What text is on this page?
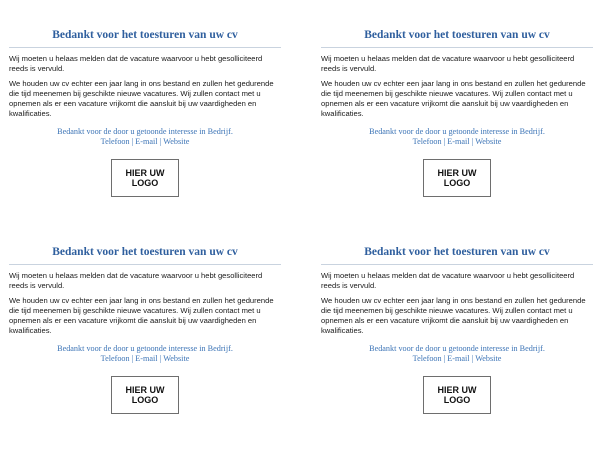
Bedankt voor het toesturen van uw cv

Wij moeten u helaas melden dat de vacature waarvoor u hebt gesolliciteerd reeds is vervuld.

We houden uw cv echter een jaar lang in ons bestand en zullen het gedurende die tijd meenemen bij geschikte nieuwe vacatures. Wij zullen contact met u opnemen als er een vacature vrijkomt die aansluit bij uw vaardigheden en kwalificaties.

Bedankt voor de door u getoonde interesse in Bedrijf.
Telefoon | E-mail | Website
HIER UW
LOGO

Bedankt voor het toesturen van uw cv

Wij moeten u helaas melden dat de vacature waarvoor u hebt gesolliciteerd reeds is vervuld.

We houden uw cv echter een jaar lang in ons bestand en zullen het gedurende die tijd meenemen bij geschikte nieuwe vacatures. Wij zullen contact met u opnemen als er een vacature vrijkomt die aansluit bij uw vaardigheden en kwalificaties.

Bedankt voor de door u getoonde interesse in Bedrijf.
Telefoon | E-mail | Website
HIER UW
LOGO

Bedankt voor het toesturen van uw cv

Wij moeten u helaas melden dat de vacature waarvoor u hebt gesolliciteerd reeds is vervuld.

We houden uw cv echter een jaar lang in ons bestand en zullen het gedurende die tijd meenemen bij geschikte nieuwe vacatures. Wij zullen contact met u opnemen als er een vacature vrijkomt die aansluit bij uw vaardigheden en kwalificaties.

Bedankt voor de door u getoonde interesse in Bedrijf.
Telefoon | E-mail | Website
HIER UW
LOGO

Bedankt voor het toesturen van uw cv

Wij moeten u helaas melden dat de vacature waarvoor u hebt gesolliciteerd reeds is vervuld.

We houden uw cv echter een jaar lang in ons bestand en zullen het gedurende die tijd meenemen bij geschikte nieuwe vacatures. Wij zullen contact met u opnemen als er een vacature vrijkomt die aansluit bij uw vaardigheden en kwalificaties.

Bedankt voor de door u getoonde interesse in Bedrijf.
Telefoon | E-mail | Website
HIER UW
LOGO
